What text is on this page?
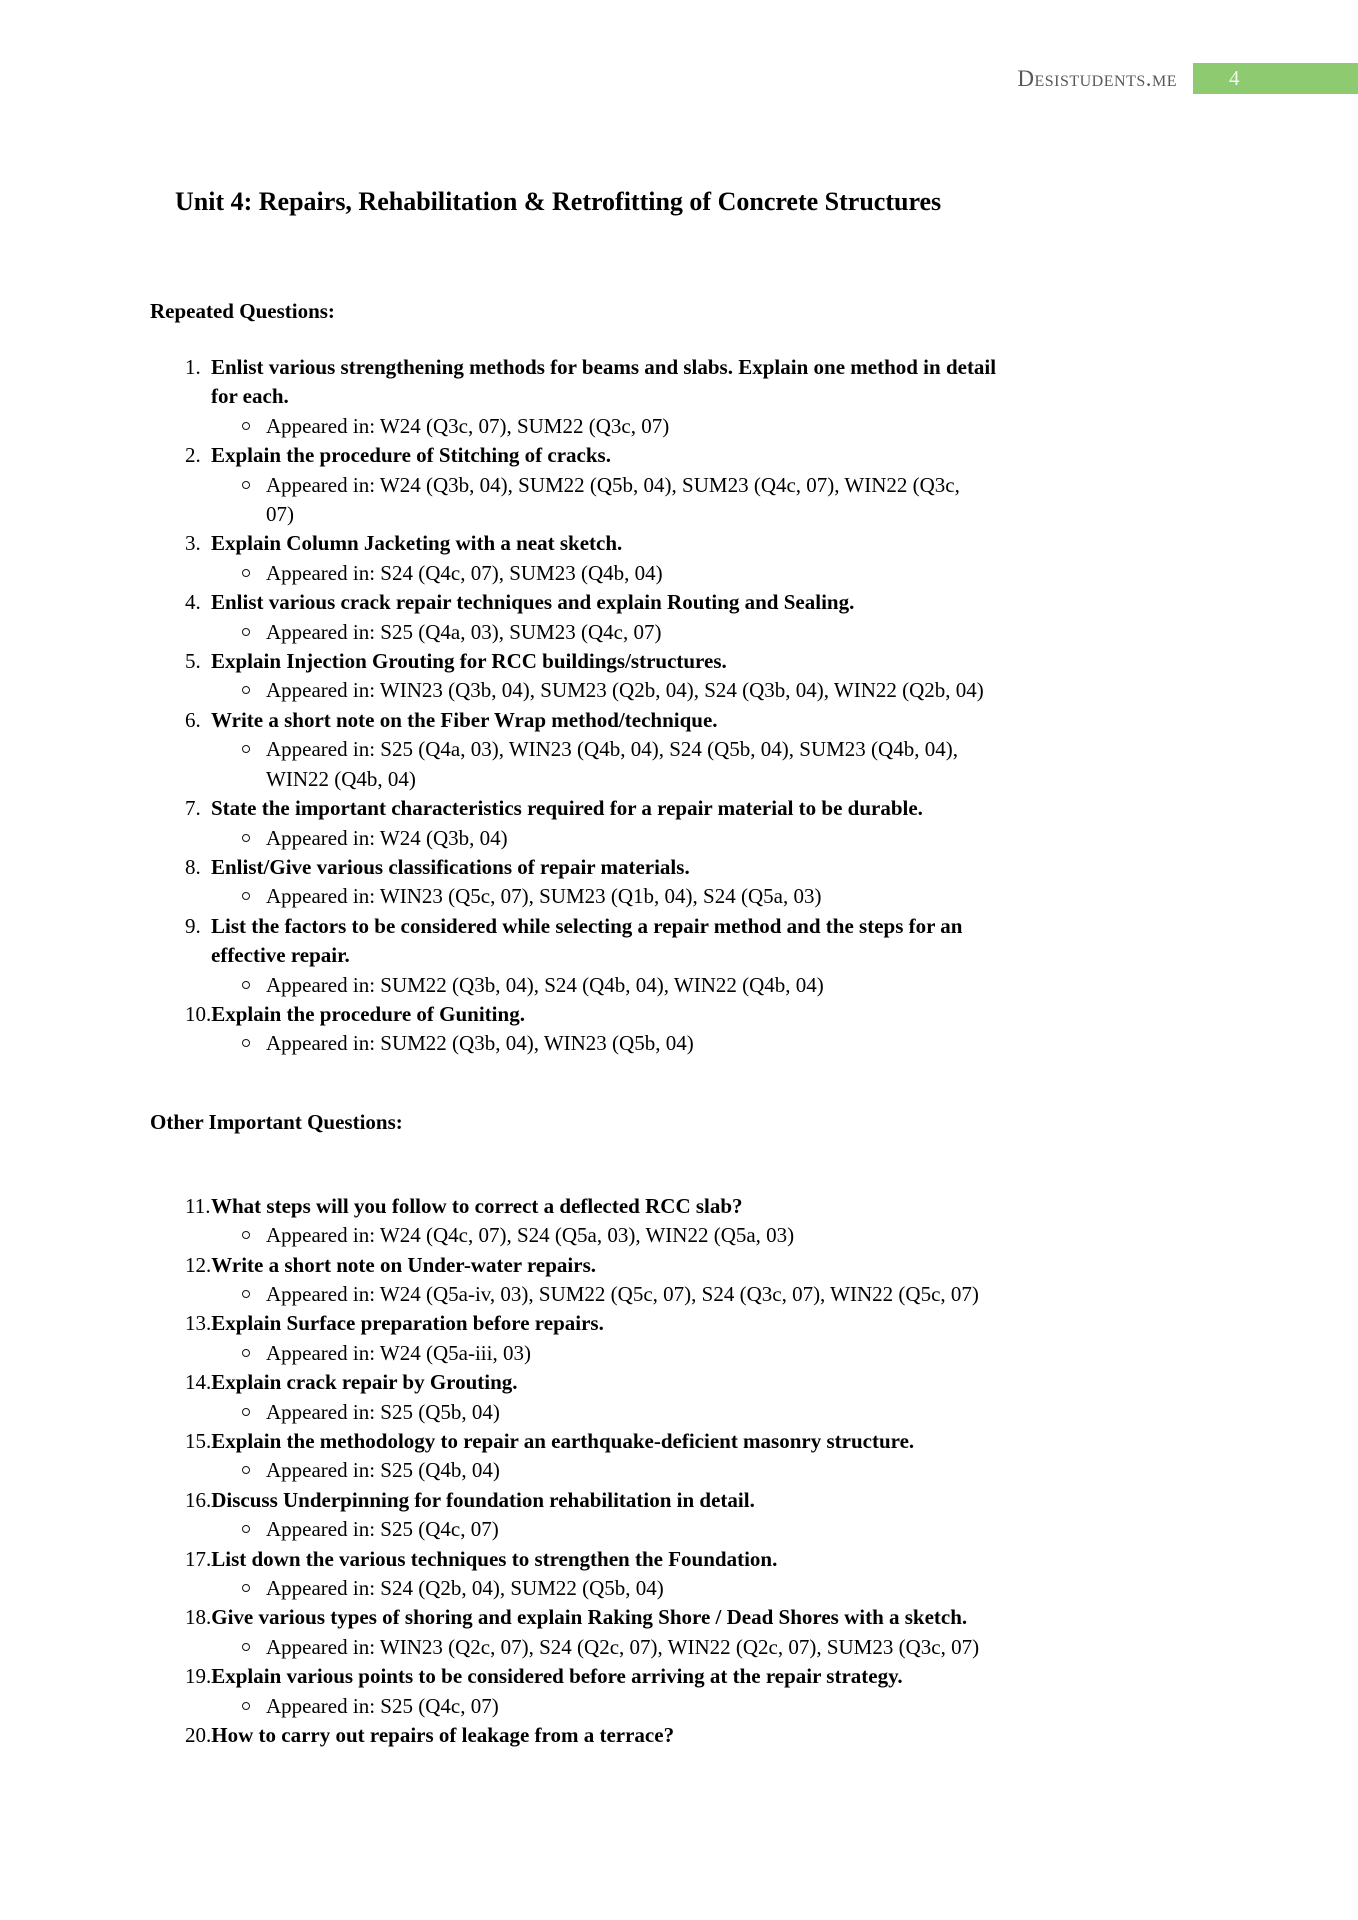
Desistudents.me 4
Unit 4: Repairs, Rehabilitation & Retrofitting of Concrete Structures
Repeated Questions:
1. Enlist various strengthening methods for beams and slabs. Explain one method in detail
for each.
Appeared in: W24 (Q3c, 07), SUM22 (Q3c, 07)
2. Explain the procedure of Stitching of cracks.
Appeared in: W24 (Q3b, 04), SUM22 (Q5b, 04), SUM23 (Q4c, 07), WIN22 (Q3c,
07)
3. Explain Column Jacketing with a neat sketch.
Appeared in: S24 (Q4c, 07), SUM23 (Q4b, 04)
4. Enlist various crack repair techniques and explain Routing and Sealing.
Appeared in: S25 (Q4a, 03), SUM23 (Q4c, 07)
5. Explain Injection Grouting for RCC buildings/structures.
Appeared in: WIN23 (Q3b, 04), SUM23 (Q2b, 04), S24 (Q3b, 04), WIN22 (Q2b, 04)
6. Write a short note on the Fiber Wrap method/technique.
Appeared in: S25 (Q4a, 03), WIN23 (Q4b, 04), S24 (Q5b, 04), SUM23 (Q4b, 04),
WIN22 (Q4b, 04)
7. State the important characteristics required for a repair material to be durable.
Appeared in: W24 (Q3b, 04)
8. Enlist/Give various classifications of repair materials.
Appeared in: WIN23 (Q5c, 07), SUM23 (Q1b, 04), S24 (Q5a, 03)
9. List the factors to be considered while selecting a repair method and the steps for an
effective repair.
Appeared in: SUM22 (Q3b, 04), S24 (Q4b, 04), WIN22 (Q4b, 04)
10. Explain the procedure of Guniting.
Appeared in: SUM22 (Q3b, 04), WIN23 (Q5b, 04)
Other Important Questions:
11. What steps will you follow to correct a deflected RCC slab?
Appeared in: W24 (Q4c, 07), S24 (Q5a, 03), WIN22 (Q5a, 03)
12. Write a short note on Under-water repairs.
Appeared in: W24 (Q5a-iv, 03), SUM22 (Q5c, 07), S24 (Q3c, 07), WIN22 (Q5c, 07)
13. Explain Surface preparation before repairs.
Appeared in: W24 (Q5a-iii, 03)
14. Explain crack repair by Grouting.
Appeared in: S25 (Q5b, 04)
15. Explain the methodology to repair an earthquake-deficient masonry structure.
Appeared in: S25 (Q4b, 04)
16. Discuss Underpinning for foundation rehabilitation in detail.
Appeared in: S25 (Q4c, 07)
17. List down the various techniques to strengthen the Foundation.
Appeared in: S24 (Q2b, 04), SUM22 (Q5b, 04)
18. Give various types of shoring and explain Raking Shore / Dead Shores with a sketch.
Appeared in: WIN23 (Q2c, 07), S24 (Q2c, 07), WIN22 (Q2c, 07), SUM23 (Q3c, 07)
19. Explain various points to be considered before arriving at the repair strategy.
Appeared in: S25 (Q4c, 07)
20. How to carry out repairs of leakage from a terrace?
